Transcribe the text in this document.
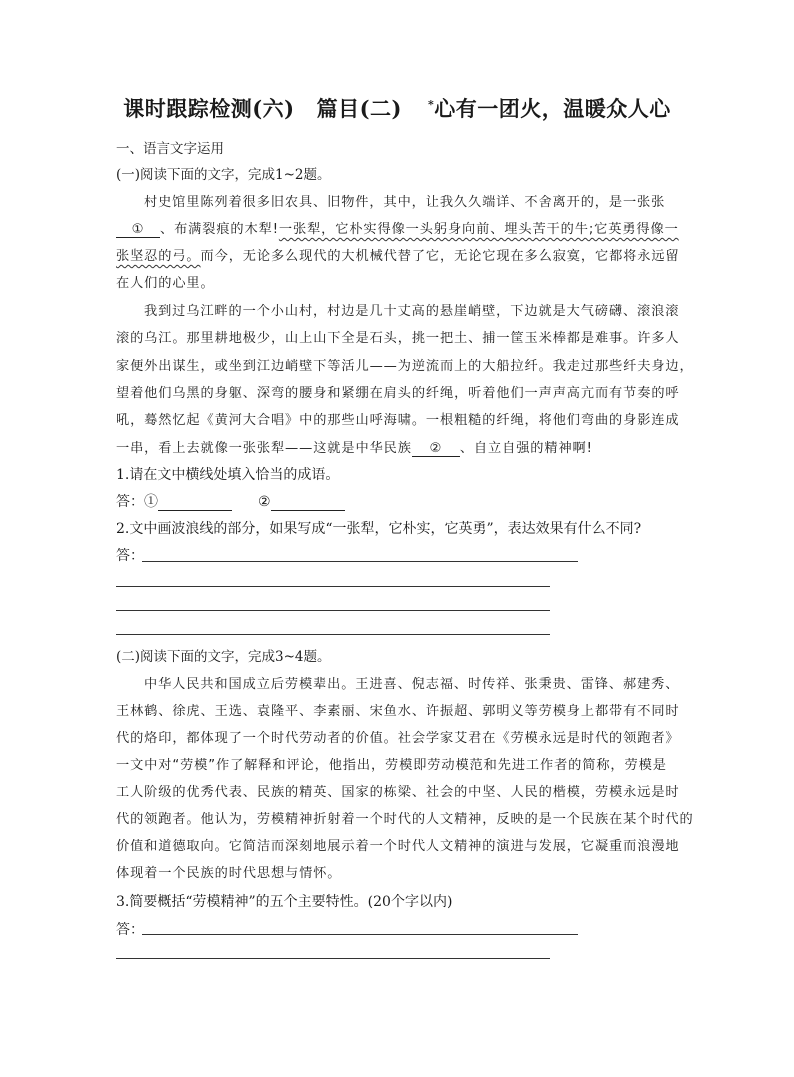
课时跟踪检测(六) 篇目(二) *心有一团火，温暖众人心
一、语言文字运用
(一)阅读下面的文字，完成1~2题。
村史馆里陈列着很多旧农具、旧物件，其中，让我久久端详、不舍离开的，是一张张
① 、布满裂痕的木犁!一张犁，它朴实得像一头躬身向前、埋头苦干的牛;它英勇得像一
张坚忍的弓。而今，无论多么现代的大机械代替了它，无论它现在多么寂寞，它都将永远留
在人们的心里。
我到过乌江畔的一个小山村，村边是几十丈高的悬崖峭壁，下边就是大气磅礴、滚浪滚
滚的乌江。那里耕地极少，山上山下全是石头，挑一把土、捕一筐玉米棒都是难事。许多人
家便外出谋生，或坐到江边峭壁下等活儿——为逆流而上的大船拉纤。我走过那些纤夫身边，
望着他们乌黑的身躯、深弯的腰身和紧绷在肩头的纤绳，听着他们一声声高亢而有节奏的呼
吼，蓦然忆起《黄河大合唱》中的那些山呼海啸。一根粗糙的纤绳，将他们弯曲的身影连成
一串，看上去就像一张张犁——这就是中华民族 ② 、自立自强的精神啊!
1.请在文中横线处填入恰当的成语。
答：①	②
2.文中画波浪线的部分，如果写成“一张犁，它朴实，它英勇”，表达效果有什么不同?
答：
(二)阅读下面的文字，完成3~4题。
中华人民共和国成立后劳模辈出。王进喜、倪志福、时传祥、张秉贵、雷锋、郝建秀、
王林鹤、徐虎、王选、袁隆平、李素丽、宋鱼水、许振超、郭明义等劳模身上都带有不同时
代的烙印，都体现了一个时代劳动者的价值。社会学家艾君在《劳模永远是时代的领跑者》
一文中对“劳模”作了解释和评论，他指出，劳模即劳动模范和先进工作者的简称，劳模是
工人阶级的优秀代表、民族的精英、国家的栋梁、社会的中坚、人民的楷模，劳模永远是时
代的领跑者。他认为，劳模精神折射着一个时代的人文精神，反映的是一个民族在某个时代的
价值和道德取向。它简洁而深刻地展示着一个时代人文精神的演进与发展，它凝重而浪漫地
体现着一个民族的时代思想与情怀。
3.简要概括“劳模精神”的五个主要特性。(20个字以内)
答：
